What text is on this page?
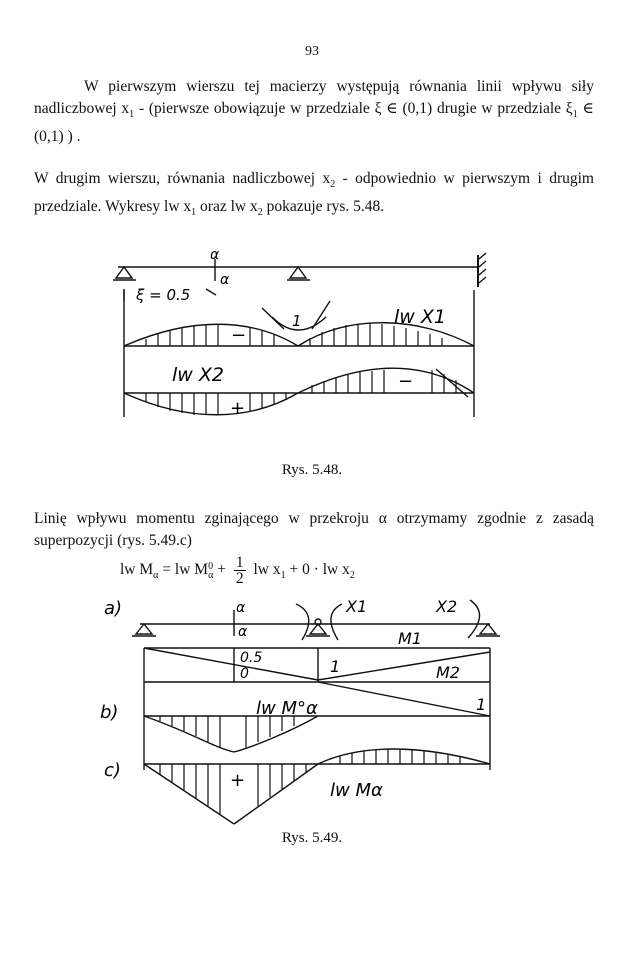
93
W pierwszym wierszu tej macierzy występują równania linii wpływu siły nadliczbowej $x_1$ - (pierwsze obowiązuje w przedziale ξ ∈ (0,1) drugie w przedziale $\xi_1$ ∈ (0,1) ) .
W drugim wierszu, równania nadliczbowej $x_2$ - odpowiednio w pierwszym i drugim przedziale. Wykresy lw $x_1$ oraz lw $x_2$ pokazuje rys. 5.48.
α
α
ξ = 0.5
1	lw X1
lw X2
−
−
+
Rys. 5.48.
Linię wpływu momentu zginającego w przekroju α otrzymamy zgodnie z zasadą superpozycji (rys. 5.49.c)
lw $M_\alpha$ = lw M 0
$\alpha + \frac{1}{2}$ lw $x_1 + 0$ · lw $x_2$
a)
b)
c)
α
α
X1	X2
M1
M2
0.5
0	1
1
lw M°α
lw Mα
+
Rys. 5.49.
